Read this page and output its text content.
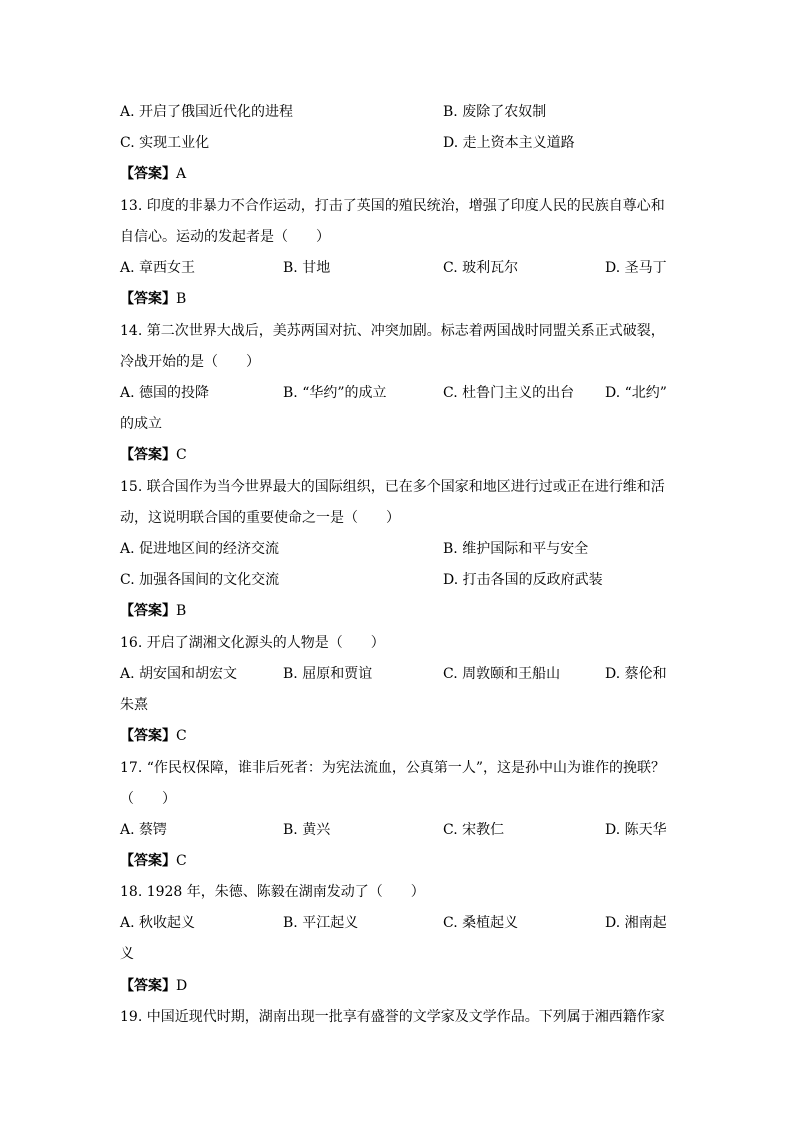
A. 开启了俄国近代化的进程	B. 废除了农奴制
C. 实现工业化	D. 走上资本主义道路
【答案】A
13. 印度的非暴力不合作运动，打击了英国的殖民统治，增强了印度人民的民族自尊心和
自信心。运动的发起者是（　　）
A. 章西女王	B. 甘地	C. 玻利瓦尔	D. 圣马丁
【答案】B
14. 第二次世界大战后，美苏两国对抗、冲突加剧。标志着两国战时同盟关系正式破裂，
冷战开始的是（　　）
A. 德国的投降	B. “华约”的成立	C. 杜鲁门主义的出台 D. “北约”
的成立
【答案】C
15. 联合国作为当今世界最大的国际组织，已在多个国家和地区进行过或正在进行维和活
动，这说明联合国的重要使命之一是（　　）
A. 促进地区间的经济交流	B. 维护国际和平与安全
C. 加强各国间的文化交流	D. 打击各国的反政府武装
【答案】B
16. 开启了湖湘文化源头的人物是（　　）
A. 胡安国和胡宏文	B. 屈原和贾谊	C. 周敦颐和王船山	D. 蔡伦和
朱熹
【答案】C
17. “作民权保障，谁非后死者：为宪法流血，公真第一人”，这是孙中山为谁作的挽联？
（　　）
A. 蔡锷	B. 黄兴	C. 宋教仁	D. 陈天华
【答案】C
18. 1928 年，朱德、陈毅在湖南发动了（　　）
A. 秋收起义	B. 平江起义	C. 桑植起义	D. 湘南起
义
【答案】D
19. 中国近现代时期，湖南出现一批享有盛誉的文学家及文学作品。下列属于湘西籍作家
